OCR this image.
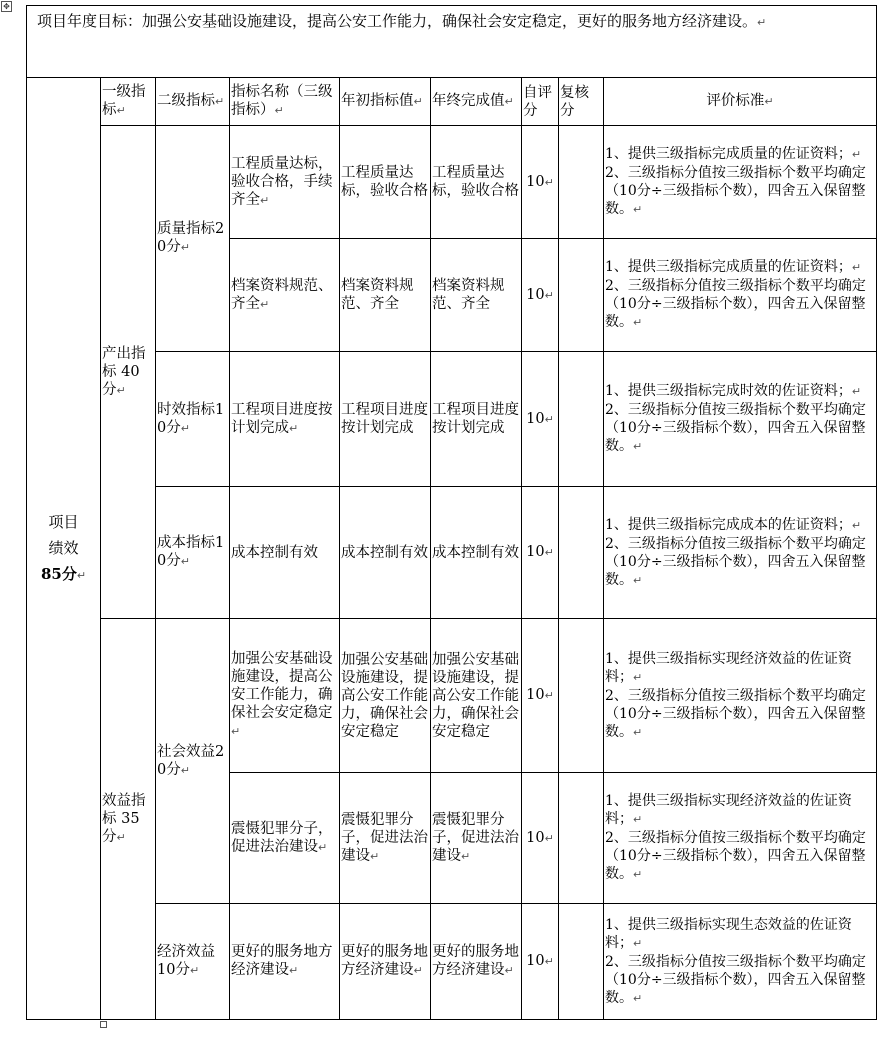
✥
项目年度目标：加强公安基础设施建设，提高公安工作能力，确保社会安定稳定，更好的服务地方经济建设。↵								
项目
绩效
85分↵	一级指标↵	二级指标↵	指标名称（三级指标）↵	年初指标值↵	年终完成值↵	自评分	复核分	评价标准↵
	产出指标 40分↵	质量指标20分↵	工程质量达标，验收合格，手续齐全↵	工程质量达标，验收合格	工程质量达标，验收合格	10↵		1、提供三级指标完成质量的佐证资料；↵
2、三级指标分值按三级指标个数平均确定（10分÷三级指标个数），四舍五入保留整数。↵
			档案资料规范、齐全↵	档案资料规范、齐全	档案资料规范、齐全	10↵		1、提供三级指标完成质量的佐证资料；↵
2、三级指标分值按三级指标个数平均确定（10分÷三级指标个数），四舍五入保留整数。↵
		时效指标10分↵	工程项目进度按计划完成↵	工程项目进度按计划完成	工程项目进度按计划完成	10↵		1、提供三级指标完成时效的佐证资料；↵
2、三级指标分值按三级指标个数平均确定（10分÷三级指标个数），四舍五入保留整数。↵
		成本指标10分↵	成本控制有效	成本控制有效	成本控制有效	10↵		1、提供三级指标完成成本的佐证资料；↵
2、三级指标分值按三级指标个数平均确定（10分÷三级指标个数），四舍五入保留整数。↵
	效益指标 35分↵	社会效益20分↵	加强公安基础设施建设，提高公安工作能力，确保社会安定稳定↵	加强公安基础设施建设，提高公安工作能力，确保社会安定稳定	加强公安基础设施建设，提高公安工作能力，确保社会安定稳定	10↵		1、提供三级指标实现经济效益的佐证资料；↵
2、三级指标分值按三级指标个数平均确定（10分÷三级指标个数），四舍五入保留整数。↵
			震慑犯罪分子，促进法治建设↵	震慑犯罪分子，促进法治建设↵	震慑犯罪分子，促进法治建设↵	10↵		1、提供三级指标实现经济效益的佐证资料；↵
2、三级指标分值按三级指标个数平均确定（10分÷三级指标个数），四舍五入保留整数。↵
		经济效益 10分↵	更好的服务地方经济建设↵	更好的服务地方经济建设↵	更好的服务地方经济建设↵	10↵		1、提供三级指标实现生态效益的佐证资料；↵
2、三级指标分值按三级指标个数平均确定（10分÷三级指标个数），四舍五入保留整数。↵
